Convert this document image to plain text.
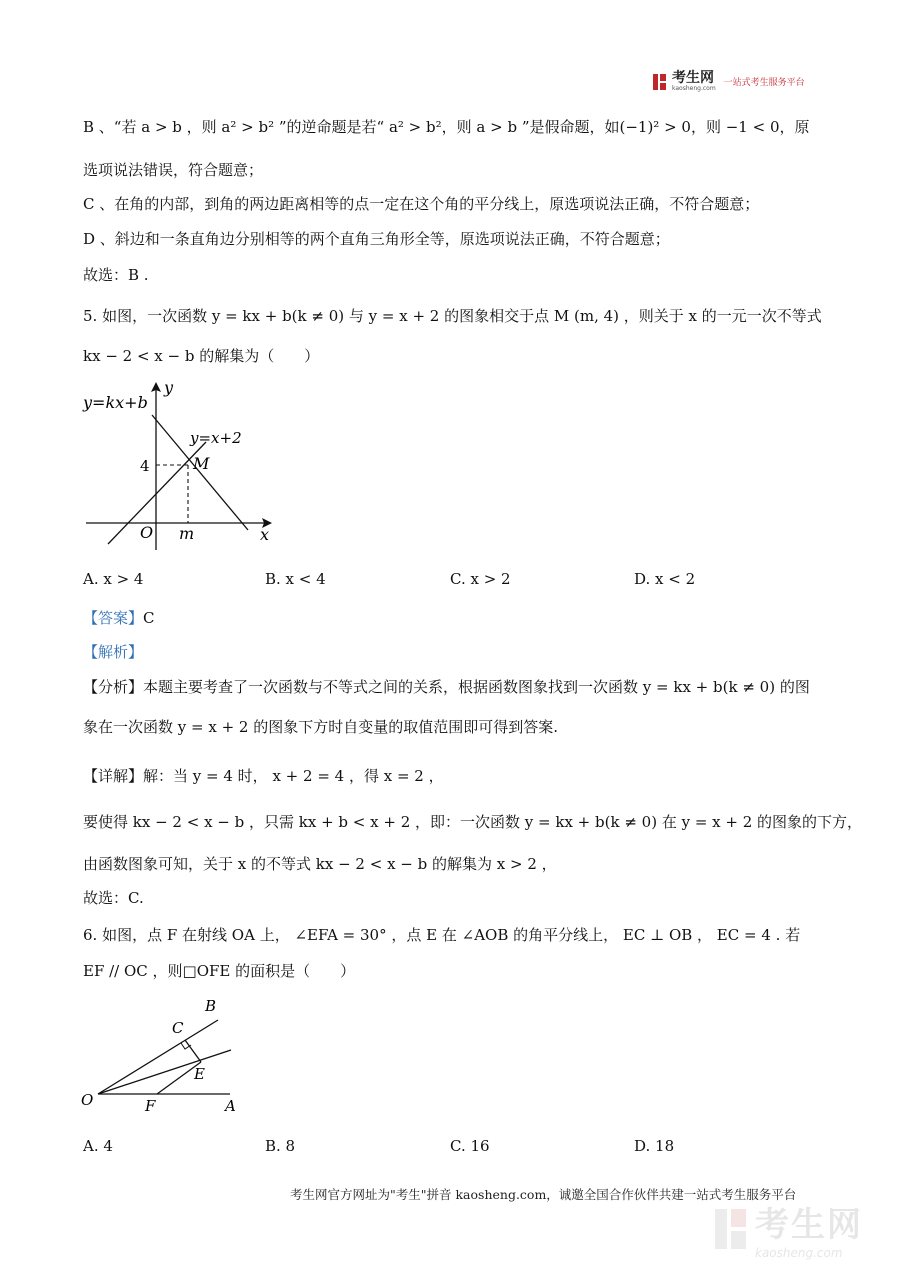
考生网
kaosheng.com
一站式考生服务平台
B 、“若 a > b ，则 a² > b² ”的逆命题是若“ a² > b²，则 a > b ”是假命题，如(−1)² > 0，则 −1 < 0，原
选项说法错误，符合题意；
C 、在角的内部，到角的两边距离相等的点一定在这个角的平分线上，原选项说法正确，不符合题意；
D 、斜边和一条直角边分别相等的两个直角三角形全等，原选项说法正确，不符合题意；
故选：B .
5. 如图，一次函数 y = kx + b(k ≠ 0) 与 y = x + 2 的图象相交于点 M (m, 4) ，则关于 x 的一元一次不等式
kx − 2 < x − b 的解集为（　　）
y=kx+b
y=x+2
y
x
O m
4	M
A. x > 4	B. x < 4	C. x > 2	D. x < 2
【答案】C
【解析】
【分析】本题主要考查了一次函数与不等式之间的关系，根据函数图象找到一次函数 y = kx + b(k ≠ 0) 的图
象在一次函数 y = x + 2 的图象下方时自变量的取值范围即可得到答案.
【详解】解：当 y = 4 时， x + 2 = 4 ，得 x = 2 ，
要使得 kx − 2 < x − b ，只需 kx + b < x + 2 ，即：一次函数 y = kx + b(k ≠ 0) 在 y = x + 2 的图象的下方，
由函数图象可知，关于 x 的不等式 kx − 2 < x − b 的解集为 x > 2 ，
故选：C.
6. 如图，点 F 在射线 OA 上， ∠EFA = 30° ，点 E 在 ∠AOB 的角平分线上， EC ⊥ OB ， EC = 4 . 若
EF // OC ，则□OFE 的面积是（　　）
B
C
E
O	F	A
A. 4	B. 8	C. 16	D. 18
考生网官方网址为"考生"拼音 kaosheng.com，诚邀全国合作伙伴共建一站式考生服务平台
考生网
kaosheng.com
